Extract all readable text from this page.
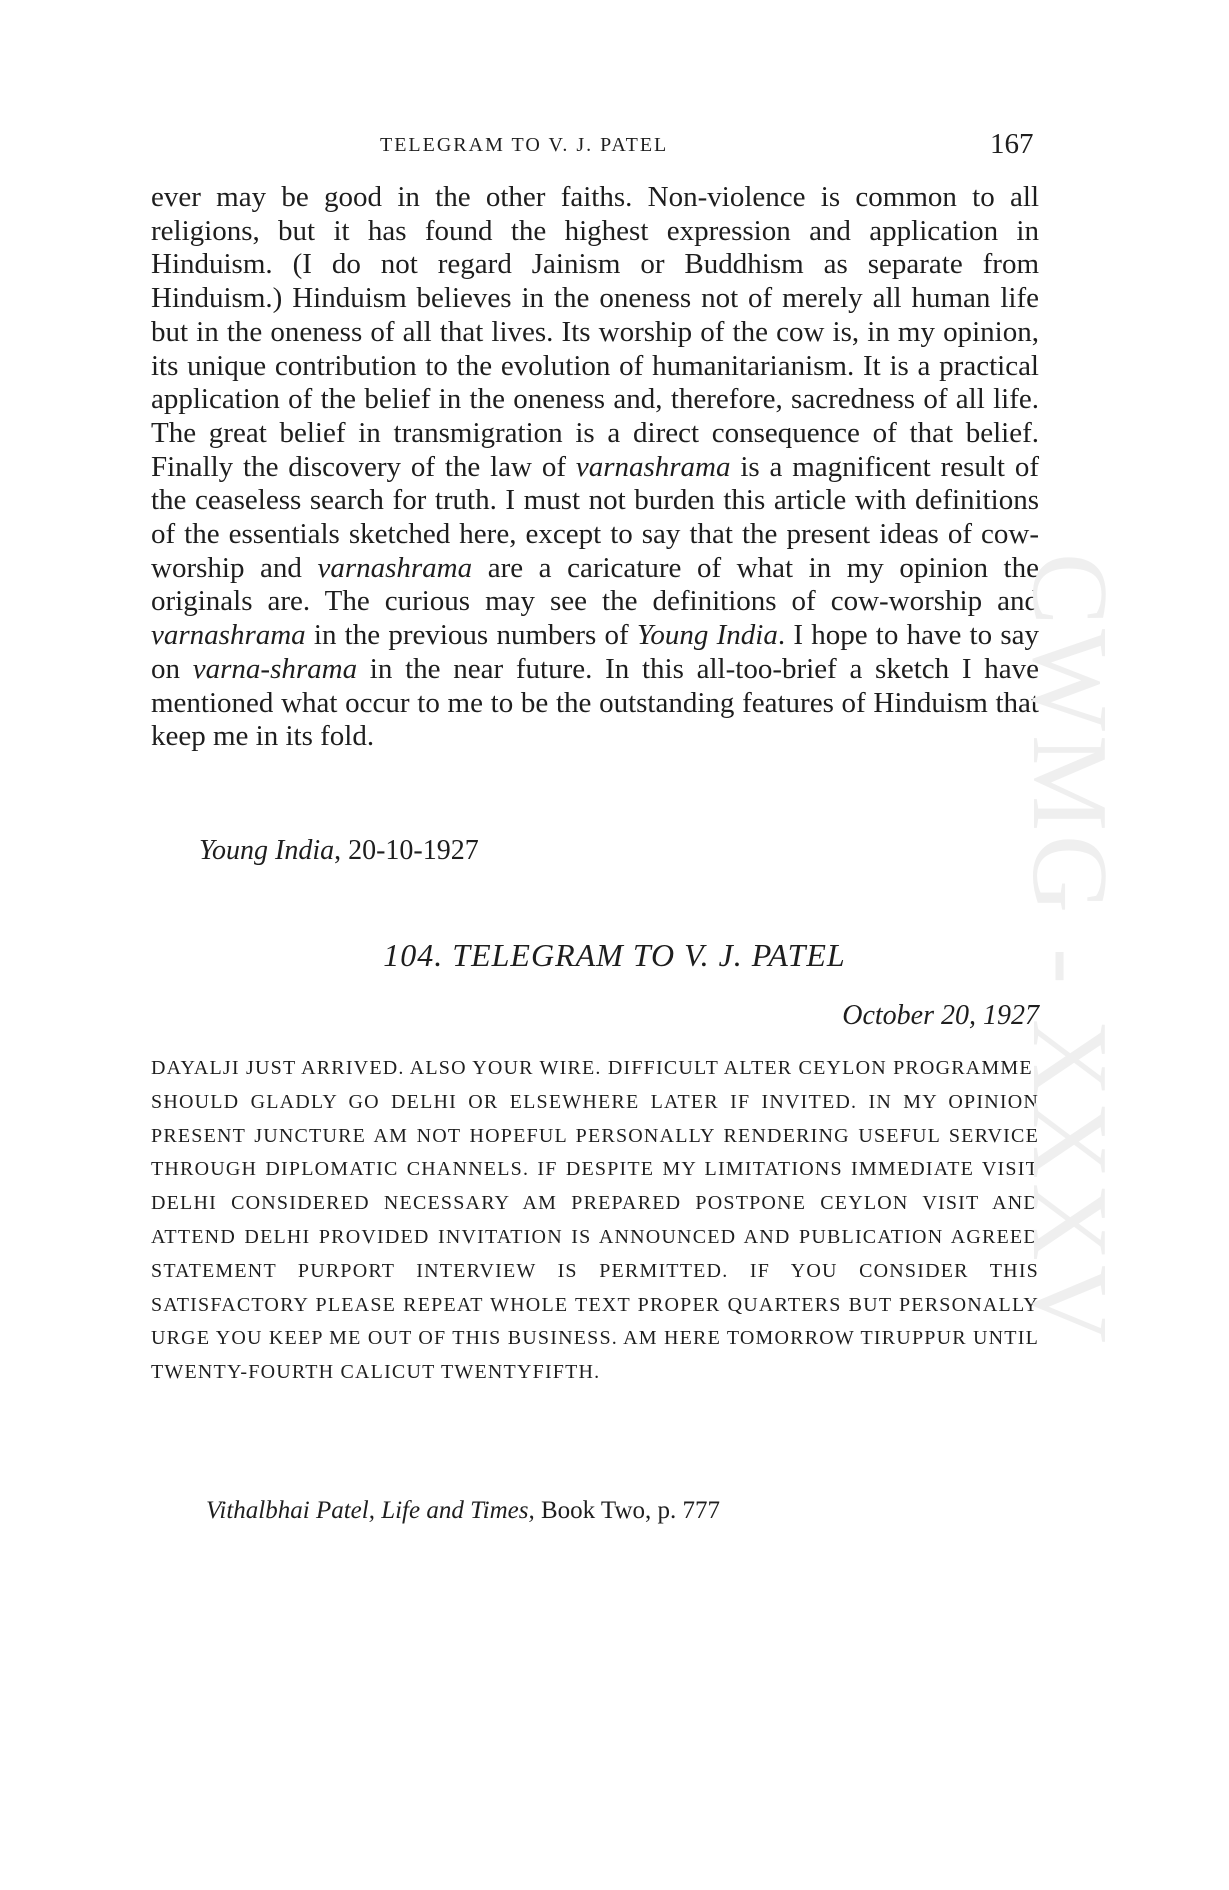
TELEGRAM TO V. J. PATEL	167

ever may be good in the other faiths. Non-violence is common to all religions, but it has found the highest expression and application in Hinduism. (I do not regard Jainism or Buddhism as separate from Hinduism.) Hinduism believes in the oneness not of merely all human life but in the oneness of all that lives. Its worship of the cow is, in my opinion, its unique contribution to the evolution of humanitarianism. It is a practical application of the belief in the oneness and, therefore, sacredness of all life. The great belief in transmigration is a direct consequence of that belief. Finally the discovery of the law of varnashrama is a magnificent result of the ceaseless search for truth. I must not burden this article with definitions of the essentials sketched here, except to say that the present ideas of cow-worship and varnashrama are a caricature of what in my opinion the originals are. The curious may see the definitions of cow-worship and varnashrama in the previous numbers of Young India. I hope to have to say on varna-shrama in the near future. In this all-too-brief a sketch I have mentioned what occur to me to be the outstanding features of Hinduism that keep me in its fold.

Young India, 20-10-1927
104. TELEGRAM TO V. J. PATEL
October 20, 1927

DAYALJI JUST ARRIVED. ALSO YOUR WIRE. DIFFICULT ALTER CEYLON PROGRAMME. SHOULD GLADLY GO DELHI OR ELSEWHERE LATER IF INVITED. IN MY OPINION PRESENT JUNCTURE AM NOT HOPEFUL PERSONALLY RENDERING USEFUL SERVICE THROUGH DIPLOMATIC CHANNELS. IF DESPITE MY LIMITATIONS IMMEDIATE VISIT DELHI CONSIDERED NECESSARY AM PREPARED POSTPONE CEYLON VISIT AND ATTEND DELHI PROVIDED INVITATION IS ANNOUNCED AND PUBLICATION AGREED STATEMENT PURPORT INTERVIEW IS PERMITTED. IF YOU CONSIDER THIS SATISFACTORY PLEASE REPEAT WHOLE TEXT PROPER QUARTERS BUT PERSONALLY URGE YOU KEEP ME OUT OF THIS BUSINESS. AM HERE TOMORROW TIRUPPUR UNTIL TWENTY-FOURTH CALICUT TWENTYFIFTH.

Vithalbhai Patel, Life and Times, Book Two, p. 777
CWMG - XXXV
